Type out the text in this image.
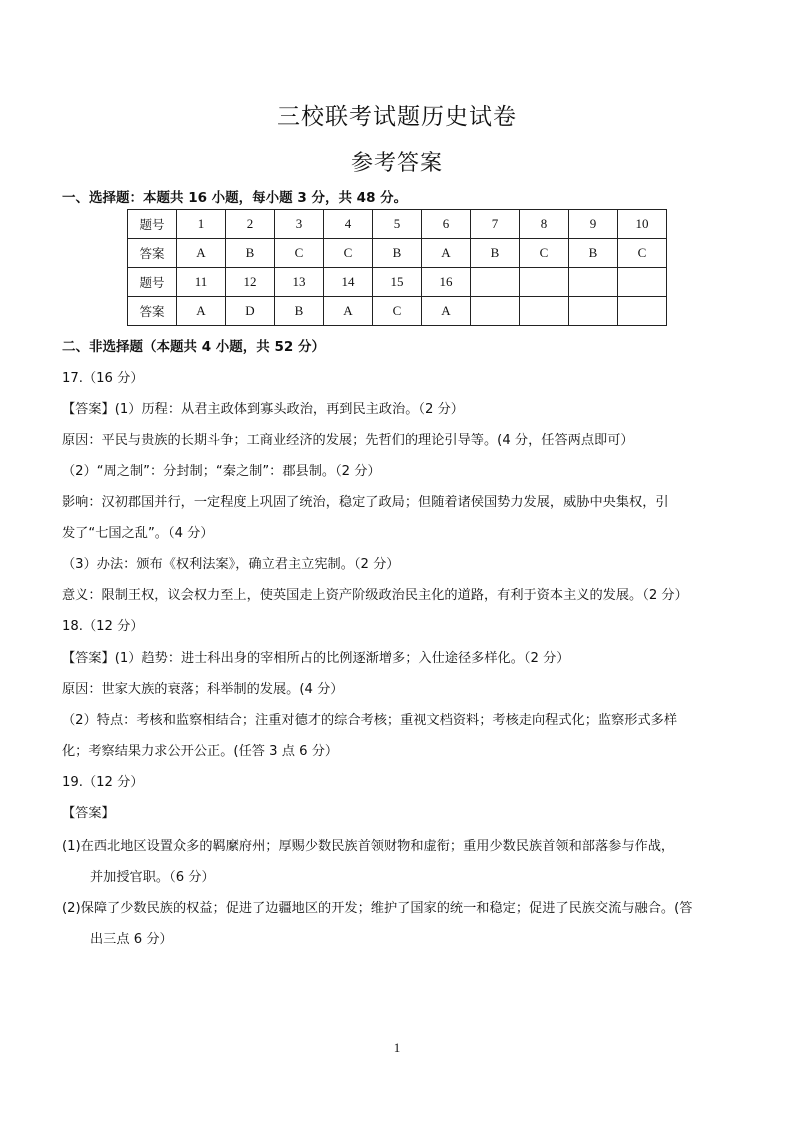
三校联考试题历史试卷
参考答案
一、选择题：本题共 16 小题，每小题 3 分，共 48 分。
题号	1	2	3	4	5	6	7	8	9	10
答案	A	B	C	C	B	A	B	C	B	C
题号	11	12	13	14	15	16				
答案	A	D	B	A	C	A				
二、非选择题（本题共 4 小题，共 52 分）
17.（16 分）
【答案】(1）历程：从君主政体到寡头政治，再到民主政治。（2 分）
原因：平民与贵族的长期斗争；工商业经济的发展；先哲们的理论引导等。(4 分，任答两点即可）
（2）“周之制”：分封制；“秦之制”：郡县制。（2 分）
影响：汉初郡国并行，一定程度上巩固了统治，稳定了政局；但随着诸侯国势力发展，威胁中央集权，引
发了“七国之乱”。（4 分）
（3）办法：颁布《权利法案》，确立君主立宪制。（2 分）
意义：限制王权，议会权力至上，使英国走上资产阶级政治民主化的道路，有利于资本主义的发展。（2 分）
18.（12 分）
【答案】(1）趋势：进士科出身的宰相所占的比例逐渐增多；入仕途径多样化。（2 分）
原因：世家大族的衰落；科举制的发展。(4 分）
（2）特点：考核和监察相结合；注重对德才的综合考核；重视文档资料；考核走向程式化；监察形式多样
化；考察结果力求公开公正。(任答 3 点 6 分）
19.（12 分）
【答案】
(1)在西北地区设置众多的羁縻府州；厚赐少数民族首领财物和虚衔；重用少数民族首领和部落参与作战，
并加授官职。（6 分）
(2)保障了少数民族的权益；促进了边疆地区的开发；维护了国家的统一和稳定；促进了民族交流与融合。(答
出三点 6 分）
1
